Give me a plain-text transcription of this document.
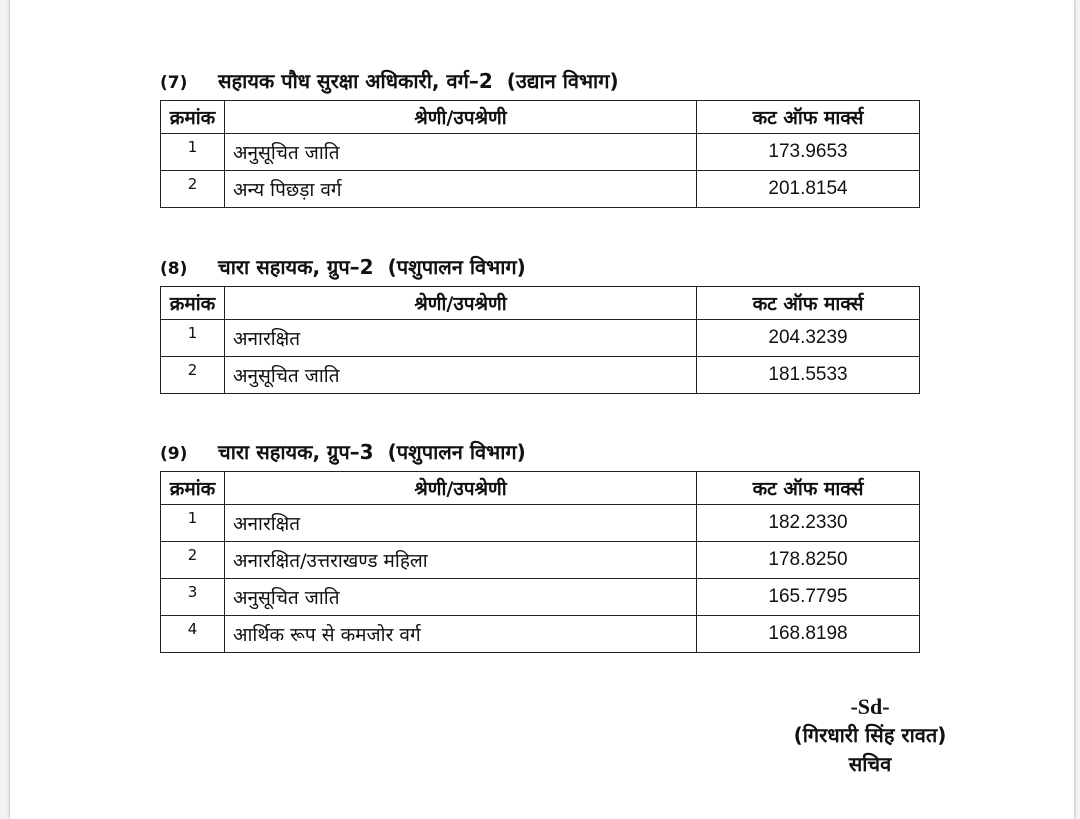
(7) सहायक पौध सुरक्षा अधिकारी, वर्ग–2 (उद्यान विभाग)
क्रमांक	श्रेणी/उपश्रेणी	कट ऑफ मार्क्स
1	अनुसूचित जाति	173.9653
2	अन्य पिछड़ा वर्ग	201.8154
(8) चारा सहायक, ग्रुप–2 (पशुपालन विभाग)
क्रमांक	श्रेणी/उपश्रेणी	कट ऑफ मार्क्स
1	अनारक्षित	204.3239
2	अनुसूचित जाति	181.5533
(9) चारा सहायक, ग्रुप–3 (पशुपालन विभाग)
क्रमांक	श्रेणी/उपश्रेणी	कट ऑफ मार्क्स
1	अनारक्षित	182.2330
2	अनारक्षित/उत्तराखण्ड महिला	178.8250
3	अनुसूचित जाति	165.7795
4	आर्थिक रूप से कमजोर वर्ग	168.8198
-Sd-
(गिरधारी सिंह रावत)
सचिव
